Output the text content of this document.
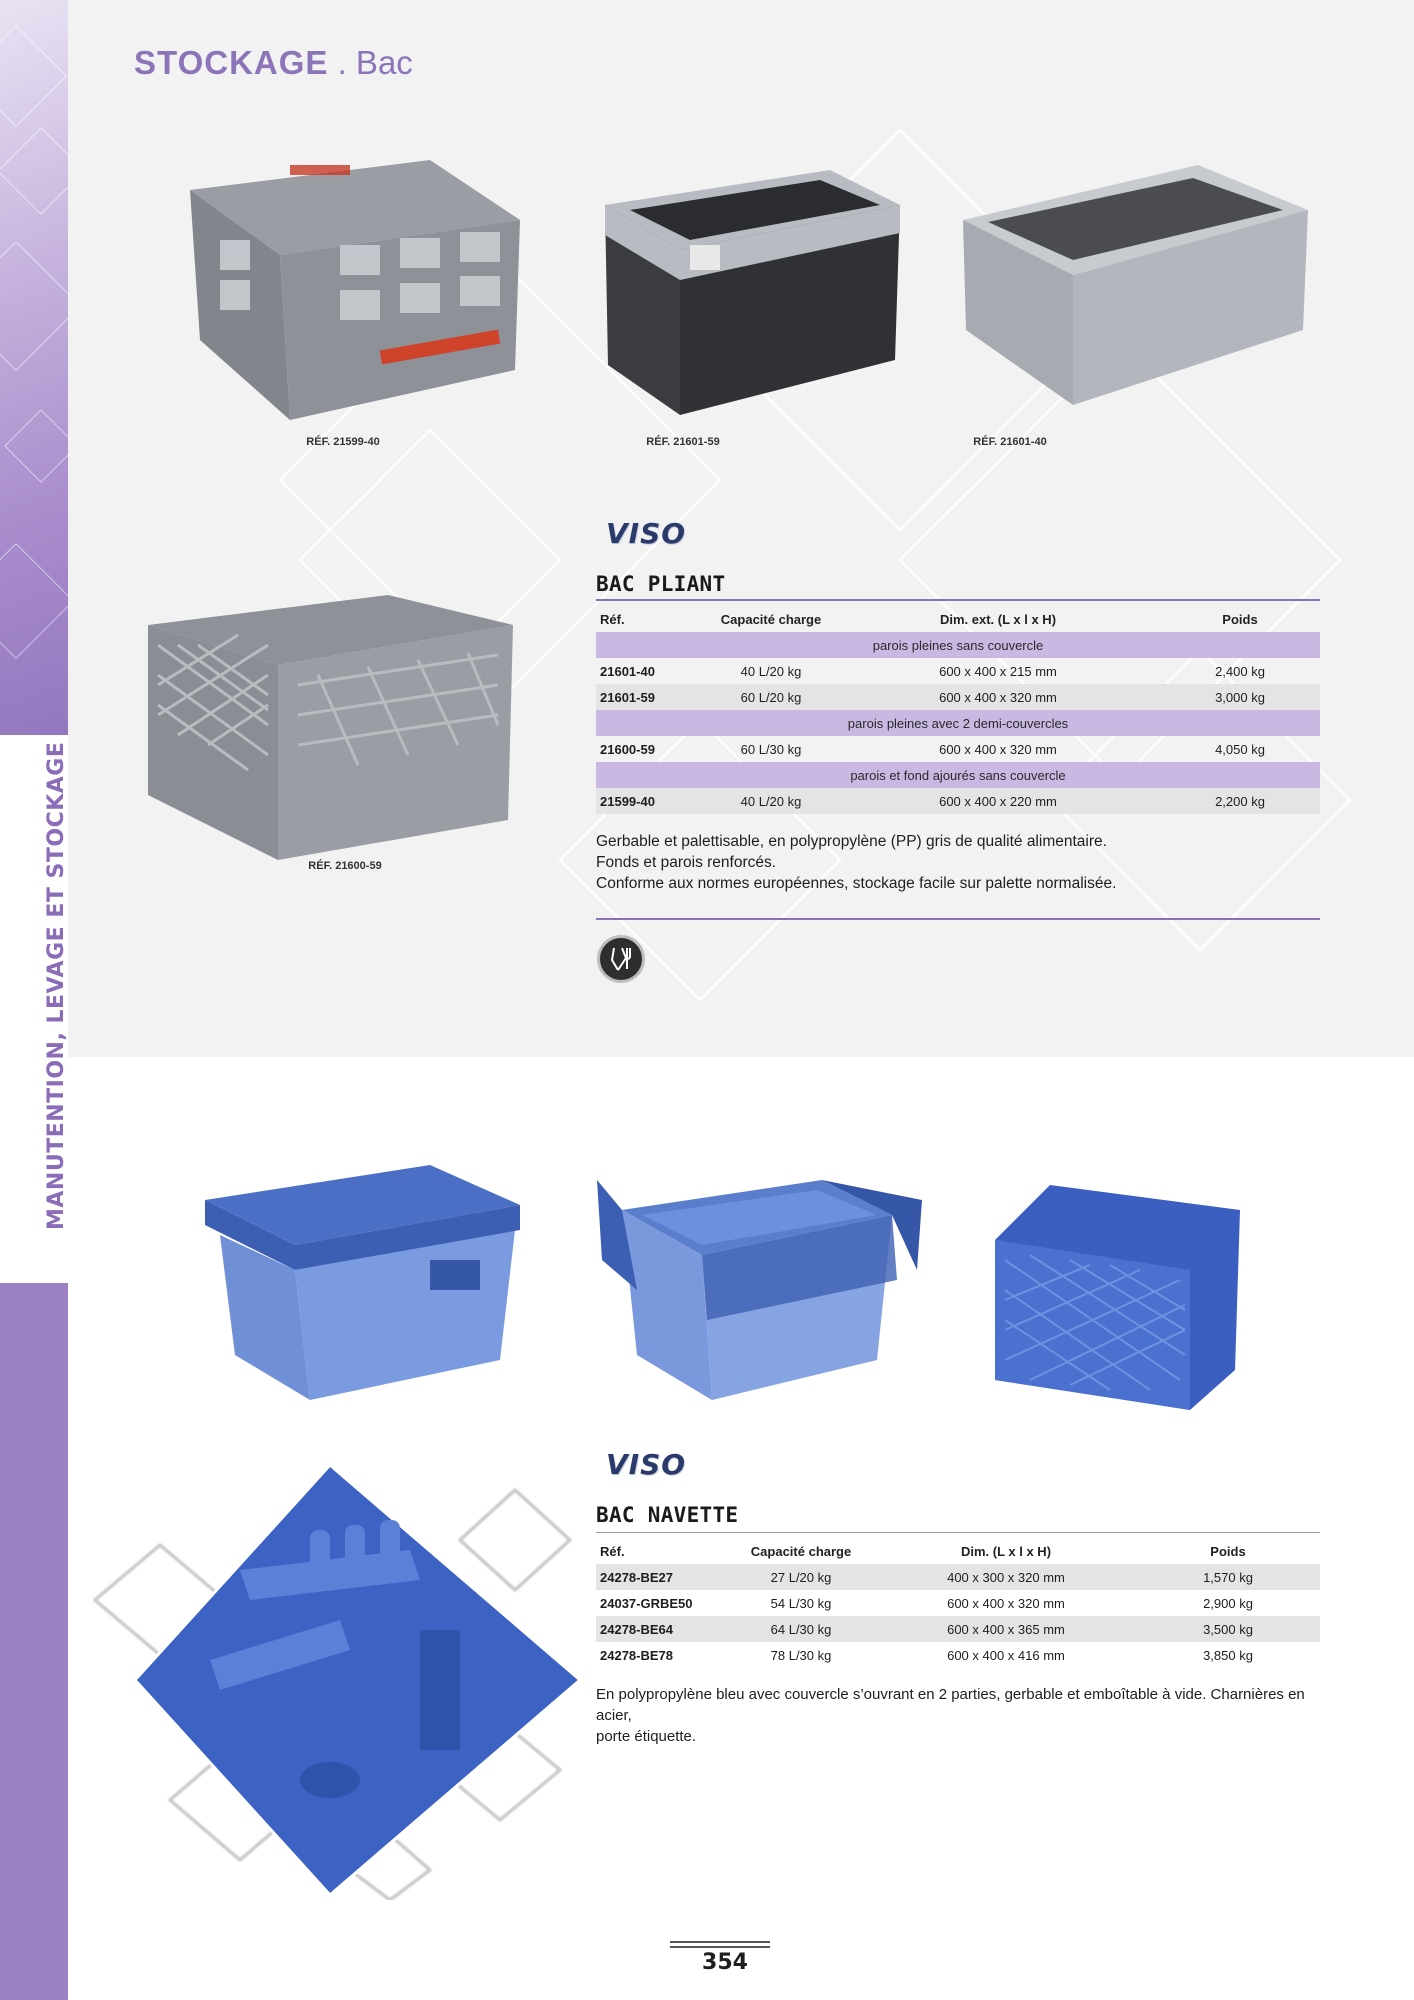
MANUTENTION, LEVAGE ET STOCKAGE
STOCKAGE . Bac
RÉF. 21599-40	RÉF. 21601-59	RÉF. 21601-40
RÉF. 21600-59
VISO
BAC PLIANT
Réf.	Capacité charge	Dim. ext. (L x l x H)	Poids
parois pleines sans couvercle			
21601-40	40 L/20 kg	600 x 400 x 215 mm	2,400 kg
21601-59	60 L/20 kg	600 x 400 x 320 mm	3,000 kg
parois pleines avec 2 demi-couvercles			
21600-59	60 L/30 kg	600 x 400 x 320 mm	4,050 kg
parois et fond ajourés sans couvercle			
21599-40	40 L/20 kg	600 x 400 x 220 mm	2,200 kg
Gerbable et palettisable, en polypropylène (PP) gris de qualité alimentaire.
Fonds et parois renforcés.
Conforme aux normes européennes, stockage facile sur palette normalisée.
VISO
BAC NAVETTE
Réf.	Capacité charge	Dim. (L x l x H)	Poids
24278-BE27	27 L/20 kg	400 x 300 x 320 mm	1,570 kg
24037-GRBE50	54 L/30 kg	600 x 400 x 320 mm	2,900 kg
24278-BE64	64 L/30 kg	600 x 400 x 365 mm	3,500 kg
24278-BE78	78 L/30 kg	600 x 400 x 416 mm	3,850 kg
En polypropylène bleu avec couvercle s’ouvrant en 2 parties, gerbable et emboîtable à vide. Charnières en acier,
porte étiquette.
354
